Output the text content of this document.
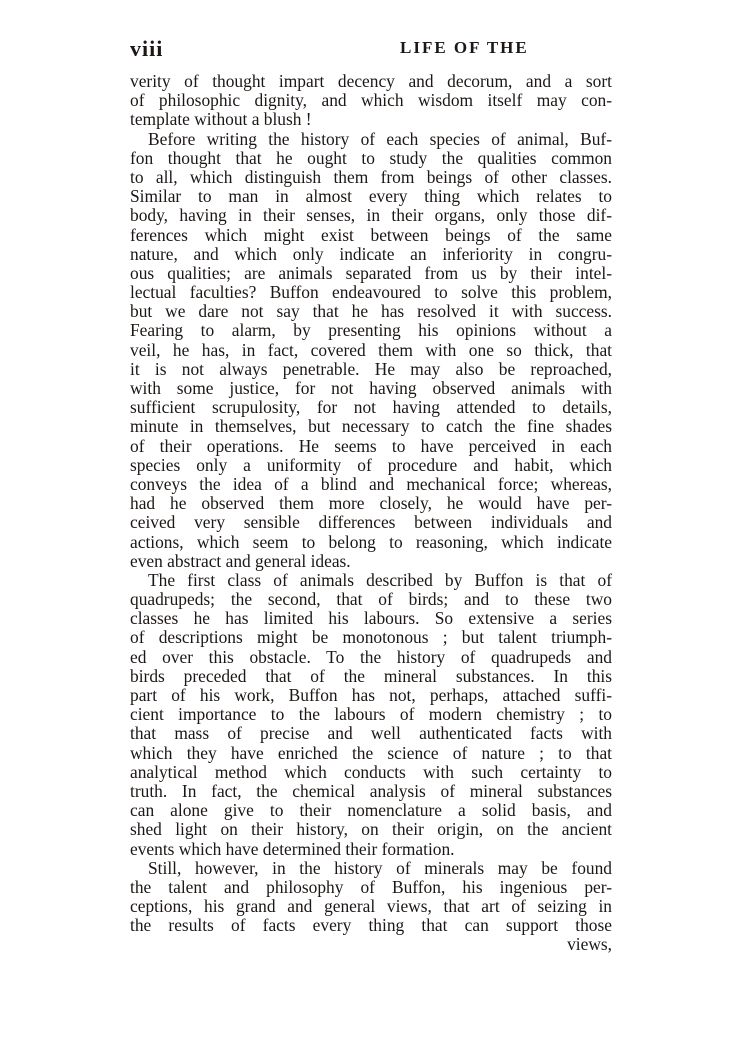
viii	LIFE OF THE
verity of thought impart decency and decorum, and a sort
of philosophic dignity, and which wisdom itself may con-
template without a blush !
Before writing the history of each species of animal, Buf-
fon thought that he ought to study the qualities common
to all, which distinguish them from beings of other classes.
Similar to man in almost every thing which relates to
body, having in their senses, in their organs, only those dif-
ferences which might exist between beings of the same
nature, and which only indicate an inferiority in congru-
ous qualities; are animals separated from us by their intel-
lectual faculties? Buffon endeavoured to solve this problem,
but we dare not say that he has resolved it with success.
Fearing to alarm, by presenting his opinions without a
veil, he has, in fact, covered them with one so thick, that
it is not always penetrable. He may also be reproached,
with some justice, for not having observed animals with
sufficient scrupulosity, for not having attended to details,
minute in themselves, but necessary to catch the fine shades
of their operations. He seems to have perceived in each
species only a uniformity of procedure and habit, which
conveys the idea of a blind and mechanical force; whereas,
had he observed them more closely, he would have per-
ceived very sensible differences between individuals and
actions, which seem to belong to reasoning, which indicate
even abstract and general ideas.
The first class of animals described by Buffon is that of
quadrupeds; the second, that of birds; and to these two
classes he has limited his labours. So extensive a series
of descriptions might be monotonous ; but talent triumph-
ed over this obstacle. To the history of quadrupeds and
birds preceded that of the mineral substances. In this
part of his work, Buffon has not, perhaps, attached suffi-
cient importance to the labours of modern chemistry ; to
that mass of precise and well authenticated facts with
which they have enriched the science of nature ; to that
analytical method which conducts with such certainty to
truth. In fact, the chemical analysis of mineral substances
can alone give to their nomenclature a solid basis, and
shed light on their history, on their origin, on the ancient
events which have determined their formation.
Still, however, in the history of minerals may be found
the talent and philosophy of Buffon, his ingenious per-
ceptions, his grand and general views, that art of seizing in
the results of facts every thing that can support those
views,
